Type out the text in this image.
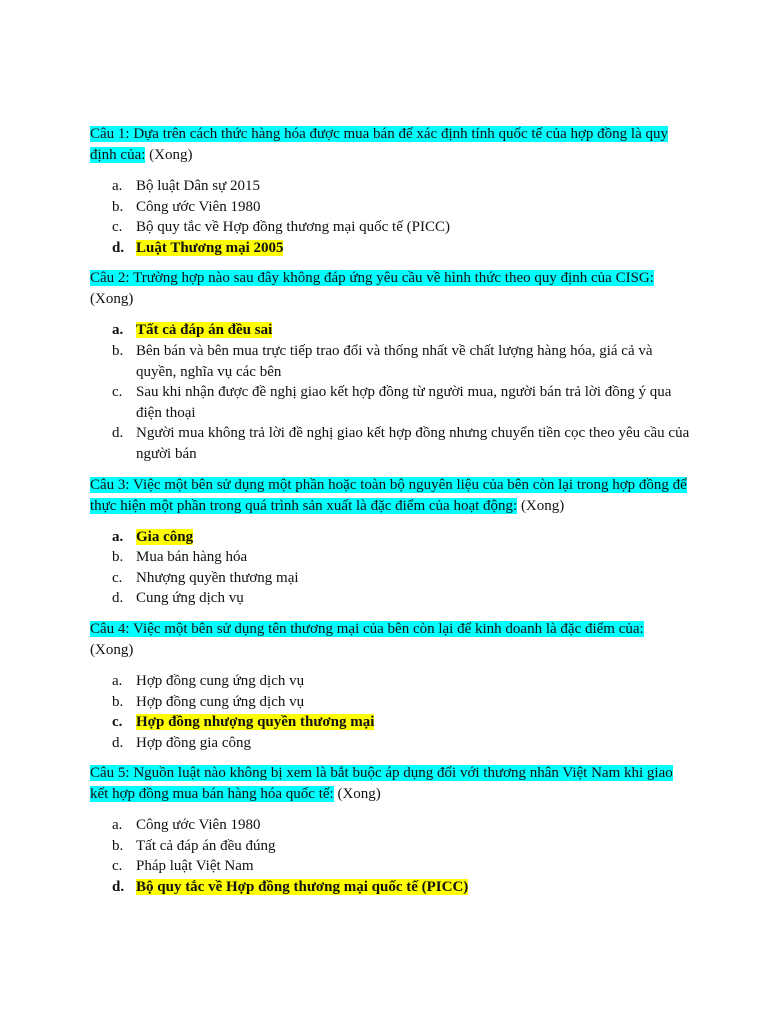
Câu 1: Dựa trên cách thức hàng hóa được mua bán để xác định tính quốc tế của hợp đồng là quy định của: (Xong)

a. Bộ luật Dân sự 2015
b. Công ước Viên 1980
c. Bộ quy tắc về Hợp đồng thương mại quốc tế (PICC)
d. Luật Thương mại 2005

Câu 2: Trường hợp nào sau đây không đáp ứng yêu cầu về hình thức theo quy định của CISG: (Xong)

a. Tất cả đáp án đều sai
b. Bên bán và bên mua trực tiếp trao đổi và thống nhất về chất lượng hàng hóa, giá cả và quyền, nghĩa vụ các bên
c. Sau khi nhận được đề nghị giao kết hợp đồng từ người mua, người bán trả lời đồng ý qua điện thoại
d. Người mua không trả lời đề nghị giao kết hợp đồng nhưng chuyển tiền cọc theo yêu cầu của người bán

Câu 3: Việc một bên sử dụng một phần hoặc toàn bộ nguyên liệu của bên còn lại trong hợp đồng để thực hiện một phần trong quá trình sản xuất là đặc điểm của hoạt động: (Xong)

a. Gia công
b. Mua bán hàng hóa
c. Nhượng quyền thương mại
d. Cung ứng dịch vụ

Câu 4: Việc một bên sử dụng tên thương mại của bên còn lại để kinh doanh là đặc điểm của: (Xong)

a. Hợp đồng cung ứng dịch vụ
b. Hợp đồng cung ứng dịch vụ
c. Hợp đồng nhượng quyền thương mại
d. Hợp đồng gia công

Câu 5: Nguồn luật nào không bị xem là bắt buộc áp dụng đối với thương nhân Việt Nam khi giao kết hợp đồng mua bán hàng hóa quốc tế: (Xong)

a. Công ước Viên 1980
b. Tất cả đáp án đều đúng
c. Pháp luật Việt Nam
d. Bộ quy tắc về Hợp đồng thương mại quốc tế (PICC)
